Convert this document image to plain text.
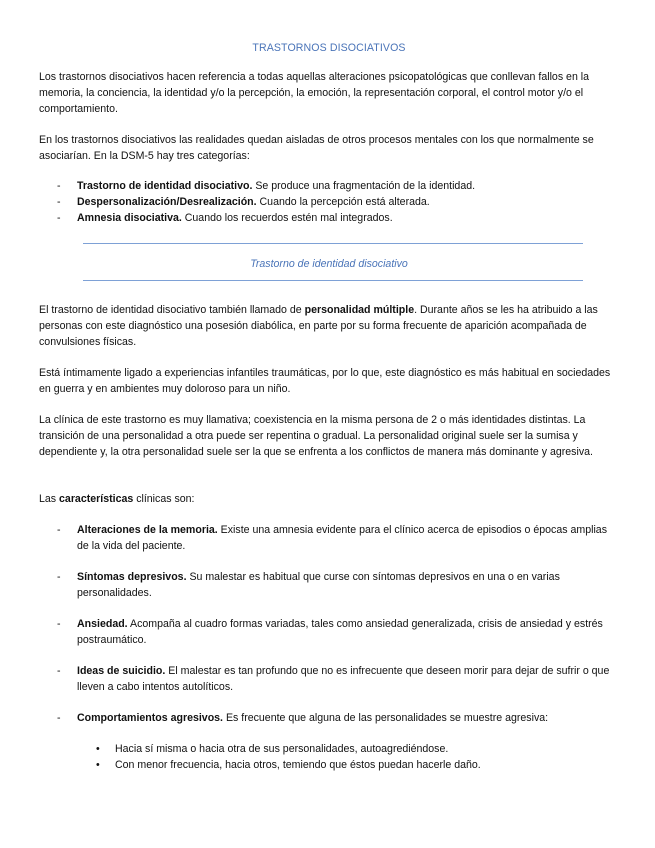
TRASTORNOS DISOCIATIVOS

Los trastornos disociativos hacen referencia a todas aquellas alteraciones psicopatológicas que conllevan fallos en la memoria, la conciencia, la identidad y/o la percepción, la emoción, la representación corporal, el control motor y/o el comportamiento.

En los trastornos disociativos las realidades quedan aisladas de otros procesos mentales con los que normalmente se asociarían. En la DSM-5 hay tres categorías:

- Trastorno de identidad disociativo. Se produce una fragmentación de la identidad.
- Despersonalización/Desrealización. Cuando la percepción está alterada.
- Amnesia disociativa. Cuando los recuerdos estén mal integrados.
Trastorno de identidad disociativo

El trastorno de identidad disociativo también llamado de personalidad múltiple. Durante años se les ha atribuido a las personas con este diagnóstico una posesión diabólica, en parte por su forma frecuente de aparición acompañada de convulsiones físicas.

Está íntimamente ligado a experiencias infantiles traumáticas, por lo que, este diagnóstico es más habitual en sociedades en guerra y en ambientes muy doloroso para un niño.

La clínica de este trastorno es muy llamativa; coexistencia en la misma persona de 2 o más identidades distintas. La transición de una personalidad a otra puede ser repentina o gradual. La personalidad original suele ser la sumisa y dependiente y, la otra personalidad suele ser la que se enfrenta a los conflictos de manera más dominante y agresiva.

Las características clínicas son:

- Alteraciones de la memoria. Existe una amnesia evidente para el clínico acerca de episodios o épocas amplias de la vida del paciente.
- Síntomas depresivos. Su malestar es habitual que curse con síntomas depresivos en una o en varias personalidades.
- Ansiedad. Acompaña al cuadro formas variadas, tales como ansiedad generalizada, crisis de ansiedad y estrés postraumático.
- Ideas de suicidio. El malestar es tan profundo que no es infrecuente que deseen morir para dejar de sufrir o que lleven a cabo intentos autolíticos.
- Comportamientos agresivos. Es frecuente que alguna de las personalidades se muestre agresiva:
• Hacia sí misma o hacia otra de sus personalidades, autoagrediéndose.
• Con menor frecuencia, hacia otros, temiendo que éstos puedan hacerle daño.
